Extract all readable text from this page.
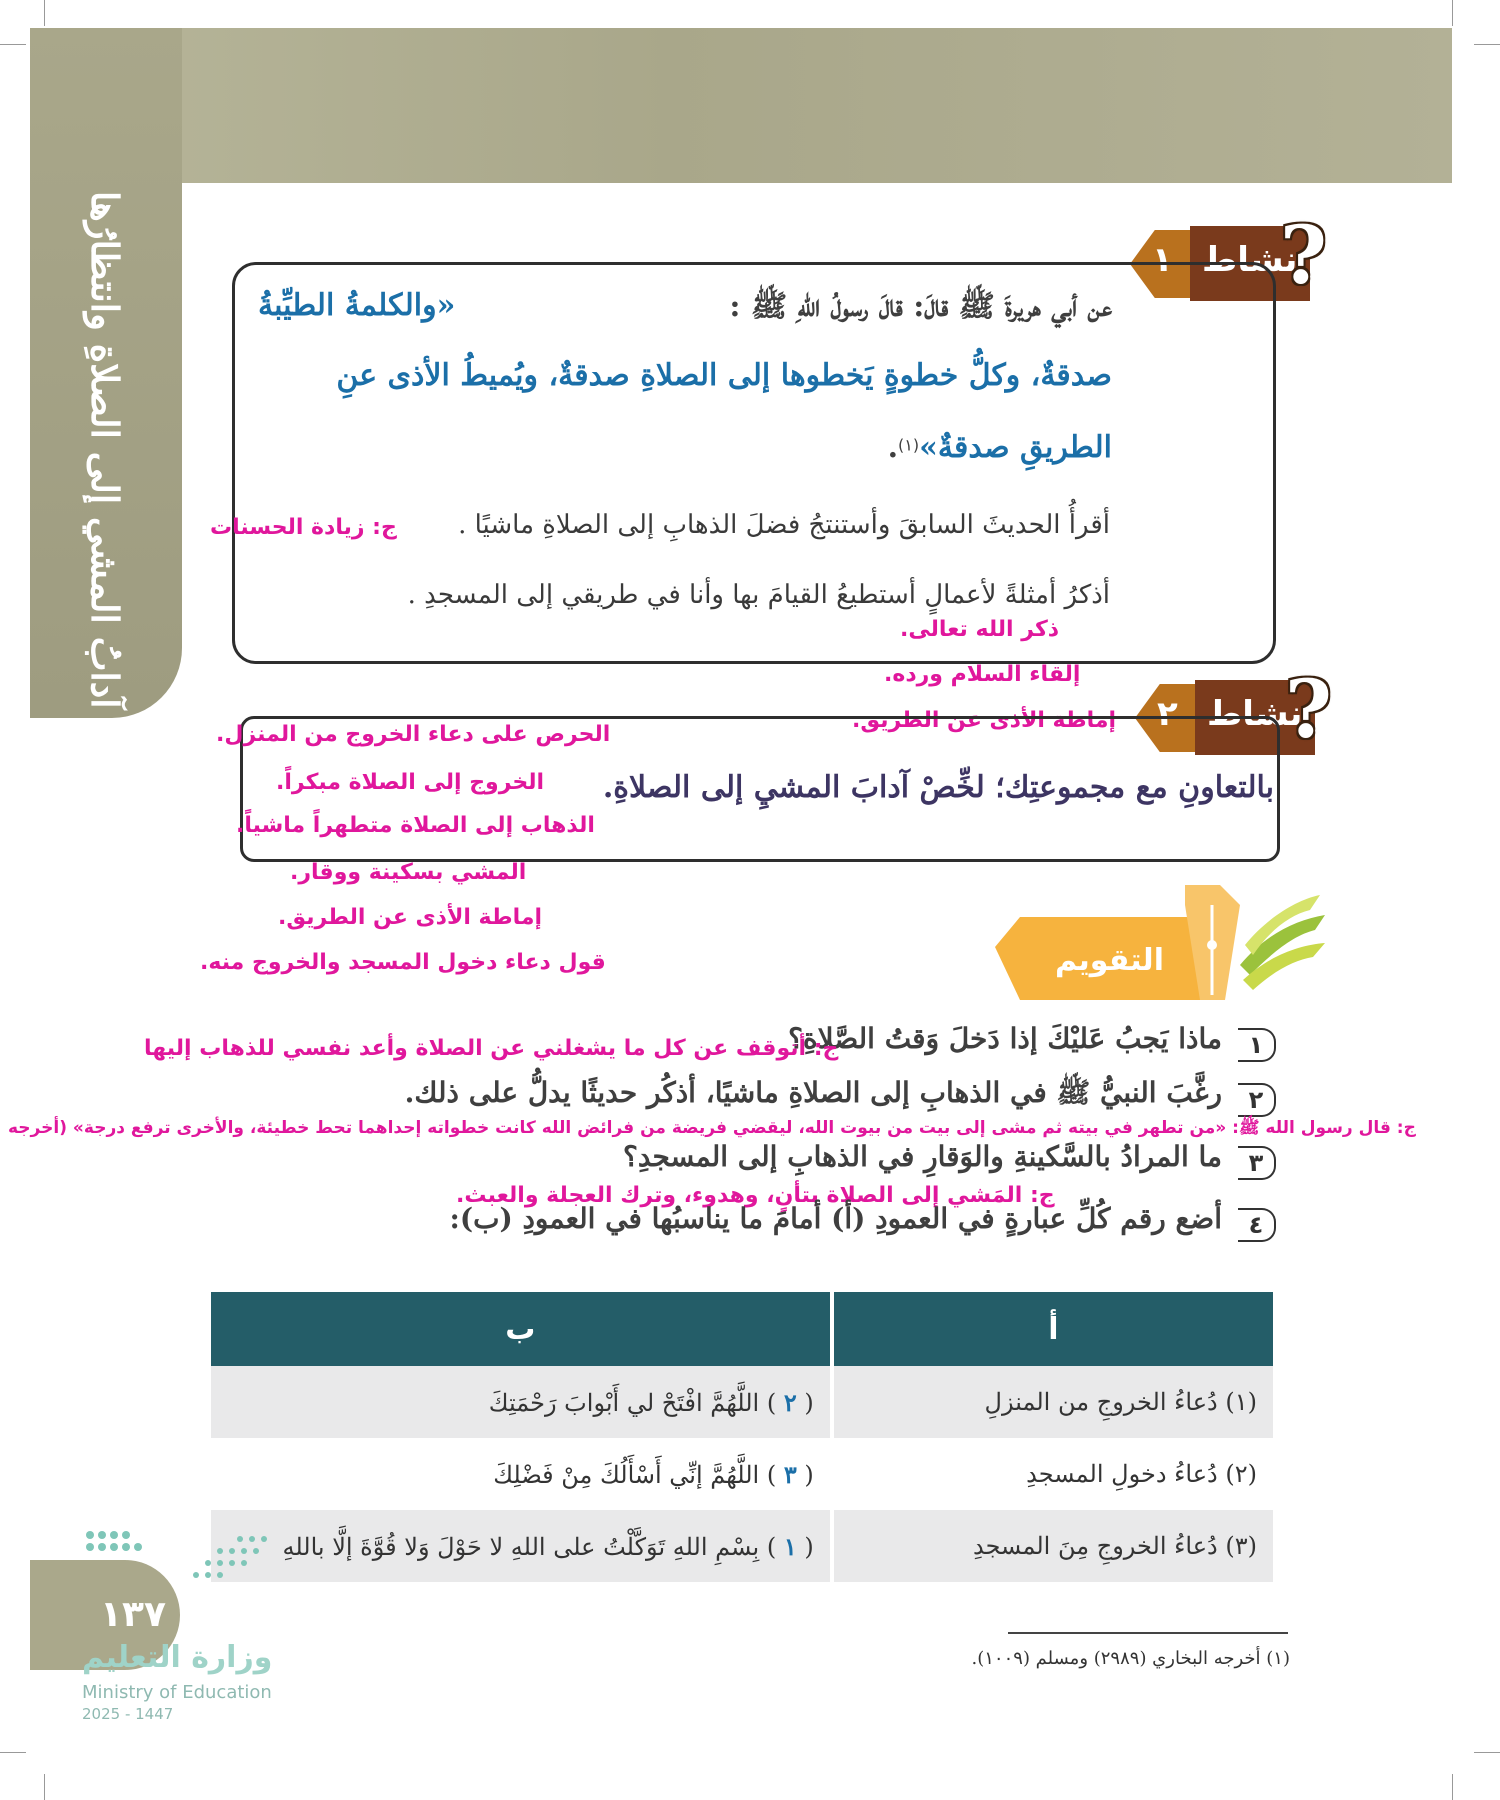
آدابُ المشي إلى الصلاةِ وانتظارُها	١ نشاط
?
عن أبي هريرةَ ﷺ قالَ: قالَ رسولُ اللهِ ﷺ :
«والكلمةُ الطيِّبةُ
صدقةٌ، وكلُّ خطوةٍ يَخطوها إلى الصلاةِ صدقةٌ، ويُميطُ الأذى عنِ
الطريقِ صدقةٌ»$^{(١)}$.
أقرأُ الحديثَ السابقَ وأستنتجُ فضلَ الذهابِ إلى الصلاةِ ماشيًا .
ج: زيادة الحسنات
أذكرُ أمثلةً لأعمالٍ أستطيعُ القيامَ بها وأنا في طريقي إلى المسجدِ .
ذكر الله تعالى.
إلقاء السلام ورده.
إماطة الأذى عن الطريق. ٢ نشاط
?
بالتعاونِ مع مجموعتِك؛ لخِّصْ آدابَ المشيِ إلى الصلاةِ.
الحرص على دعاء الخروج من المنزل.
الخروج إلى الصلاة مبكراً.
الذهاب إلى الصلاة متطهراً ماشياً.
المشي بسكينة ووقار.
إماطة الأذى عن الطريق.
قول دعاء دخول المسجد والخروج منه.	التقويم
١
ماذا يَجبُ عَليْكَ إذا دَخلَ وَقتُ الصَّلاةِ؟
ج: أتوقف عن كل ما يشغلني عن الصلاة وأعد نفسي للذهاب إليها
٢
رغَّبَ النبيُّ ﷺ في الذهابِ إلى الصلاةِ ماشيًا، أذكُر حديثًا يدلُّ على ذلك.
ج: قال رسول الله ﷺ: «من تطهر في بيته ثم مشى إلى بيت من بيوت الله، ليقضي فريضة من فرائض الله كانت خطواته إحداهما تحط خطيئة، والأخرى ترفع درجة» (أخرجه
٣
ما المرادُ بالسَّكينةِ والوَقارِ في الذهابِ إلى المسجدِ؟
ج: المَشي إلى الصلاة بتأنٍ، وهدوء، وترك العجلة والعبث.
٤
أضع رقم كُلِّ عبارةٍ في العمودِ (أ) أمامَ ما يناسبُها في العمودِ (ب):
ب	أ
( ٢ ) اللَّهُمَّ افْتَحْ لي أَبْوابَ رَحْمَتِكَ	(١) دُعاءُ الخروجِ من المنزلِ
( ٣ ) اللَّهُمَّ إنِّي أَسْأَلُكَ مِنْ فَضْلِكَ	(٢) دُعاءُ دخولِ المسجدِ
( ١ ) بِسْمِ اللهِ تَوَكَّلْتُ على اللهِ لا حَوْلَ وَلا قُوَّةَ إلَّا باللهِ	(٣) دُعاءُ الخروجِ مِنَ المسجدِ
(١) أخرجه البخاري (٢٩٨٩) ومسلم (١٠٠٩).
١٣٧
وزارة التعليم
Ministry of Education
2025 - 1447
